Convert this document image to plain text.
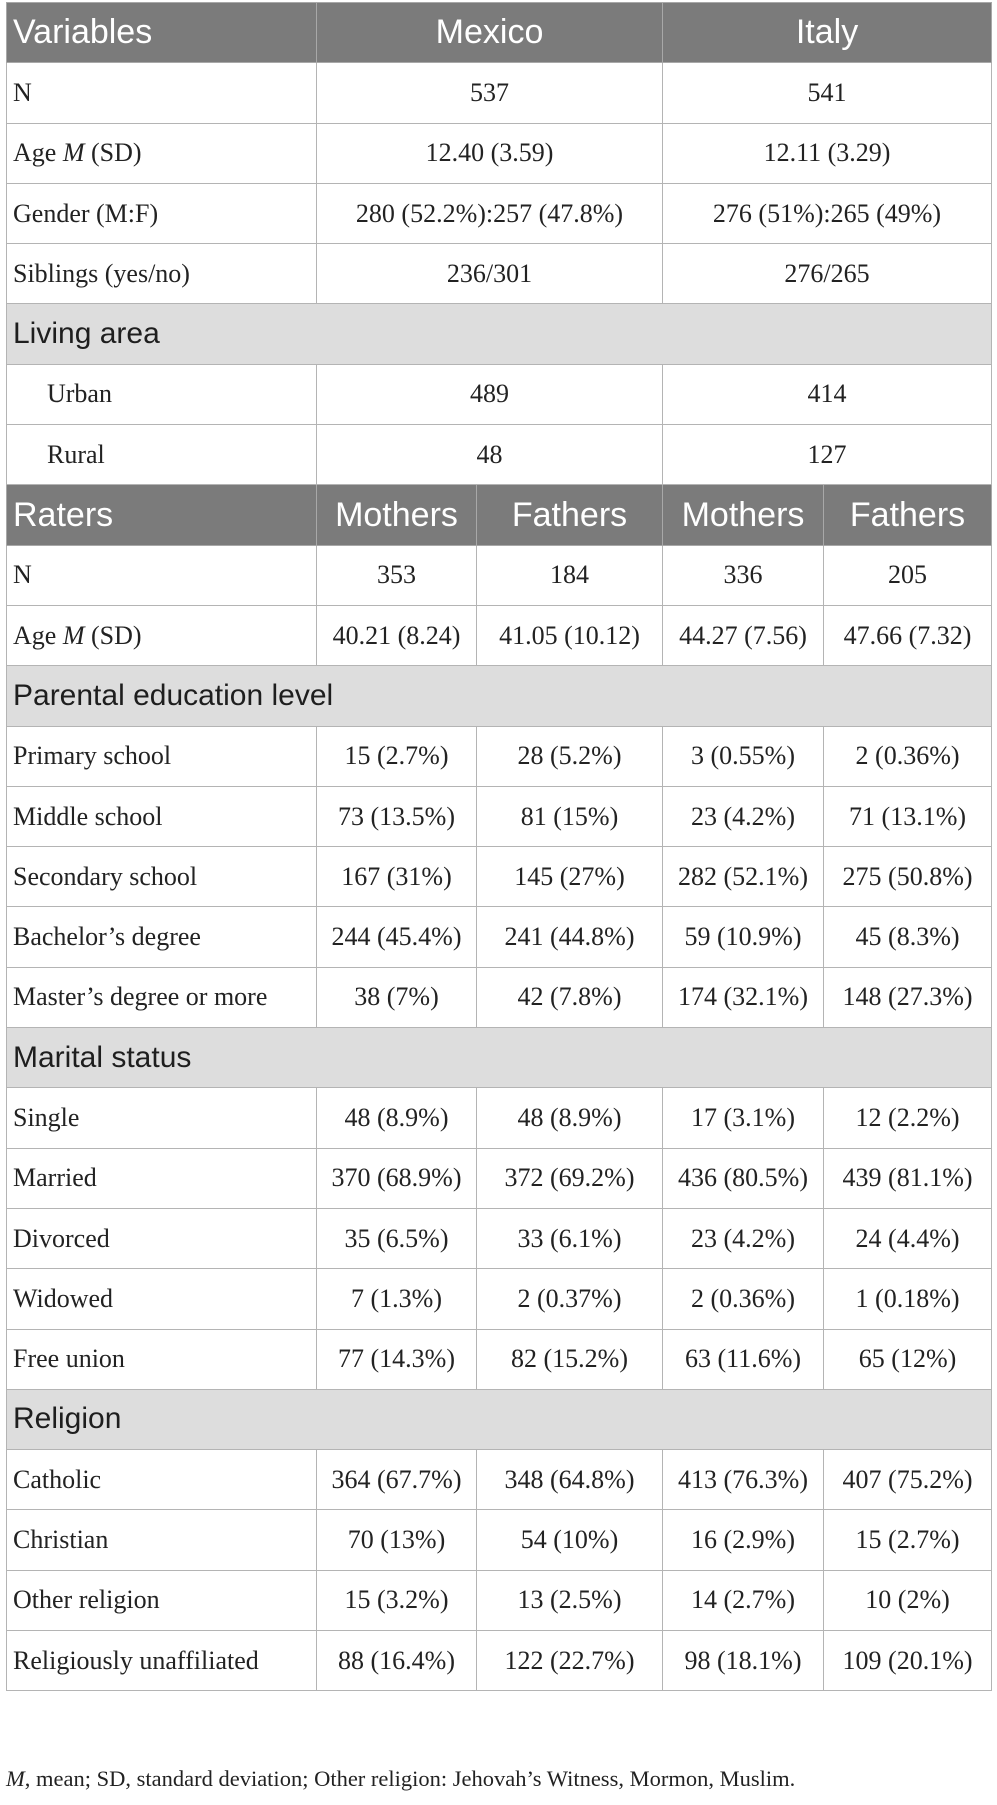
Variables	Mexico		Italy	
N	537		541	
Age M (SD)	12.40 (3.59)		12.11 (3.29)	
Gender (M:F)	280 (52.2%):257 (47.8%)		276 (51%):265 (49%)	
Siblings (yes/no)	236/301		276/265	
Living area				
Urban	489		414	
Rural	48		127	
Raters	Mothers	Fathers	Mothers	Fathers
N	353	184	336	205
Age M (SD)	40.21 (8.24)	41.05 (10.12)	44.27 (7.56)	47.66 (7.32)
Parental education level				
Primary school	15 (2.7%)	28 (5.2%)	3 (0.55%)	2 (0.36%)
Middle school	73 (13.5%)	81 (15%)	23 (4.2%)	71 (13.1%)
Secondary school	167 (31%)	145 (27%)	282 (52.1%)	275 (50.8%)
Bachelor’s degree	244 (45.4%)	241 (44.8%)	59 (10.9%)	45 (8.3%)
Master’s degree or more	38 (7%)	42 (7.8%)	174 (32.1%)	148 (27.3%)
Marital status				
Single	48 (8.9%)	48 (8.9%)	17 (3.1%)	12 (2.2%)
Married	370 (68.9%)	372 (69.2%)	436 (80.5%)	439 (81.1%)
Divorced	35 (6.5%)	33 (6.1%)	23 (4.2%)	24 (4.4%)
Widowed	7 (1.3%)	2 (0.37%)	2 (0.36%)	1 (0.18%)
Free union	77 (14.3%)	82 (15.2%)	63 (11.6%)	65 (12%)
Religion				
Catholic	364 (67.7%)	348 (64.8%)	413 (76.3%)	407 (75.2%)
Christian	70 (13%)	54 (10%)	16 (2.9%)	15 (2.7%)
Other religion	15 (3.2%)	13 (2.5%)	14 (2.7%)	10 (2%)
Religiously unaffiliated	88 (16.4%)	122 (22.7%)	98 (18.1%)	109 (20.1%)
M, mean; SD, standard deviation; Other religion: Jehovah’s Witness, Mormon, Muslim.
